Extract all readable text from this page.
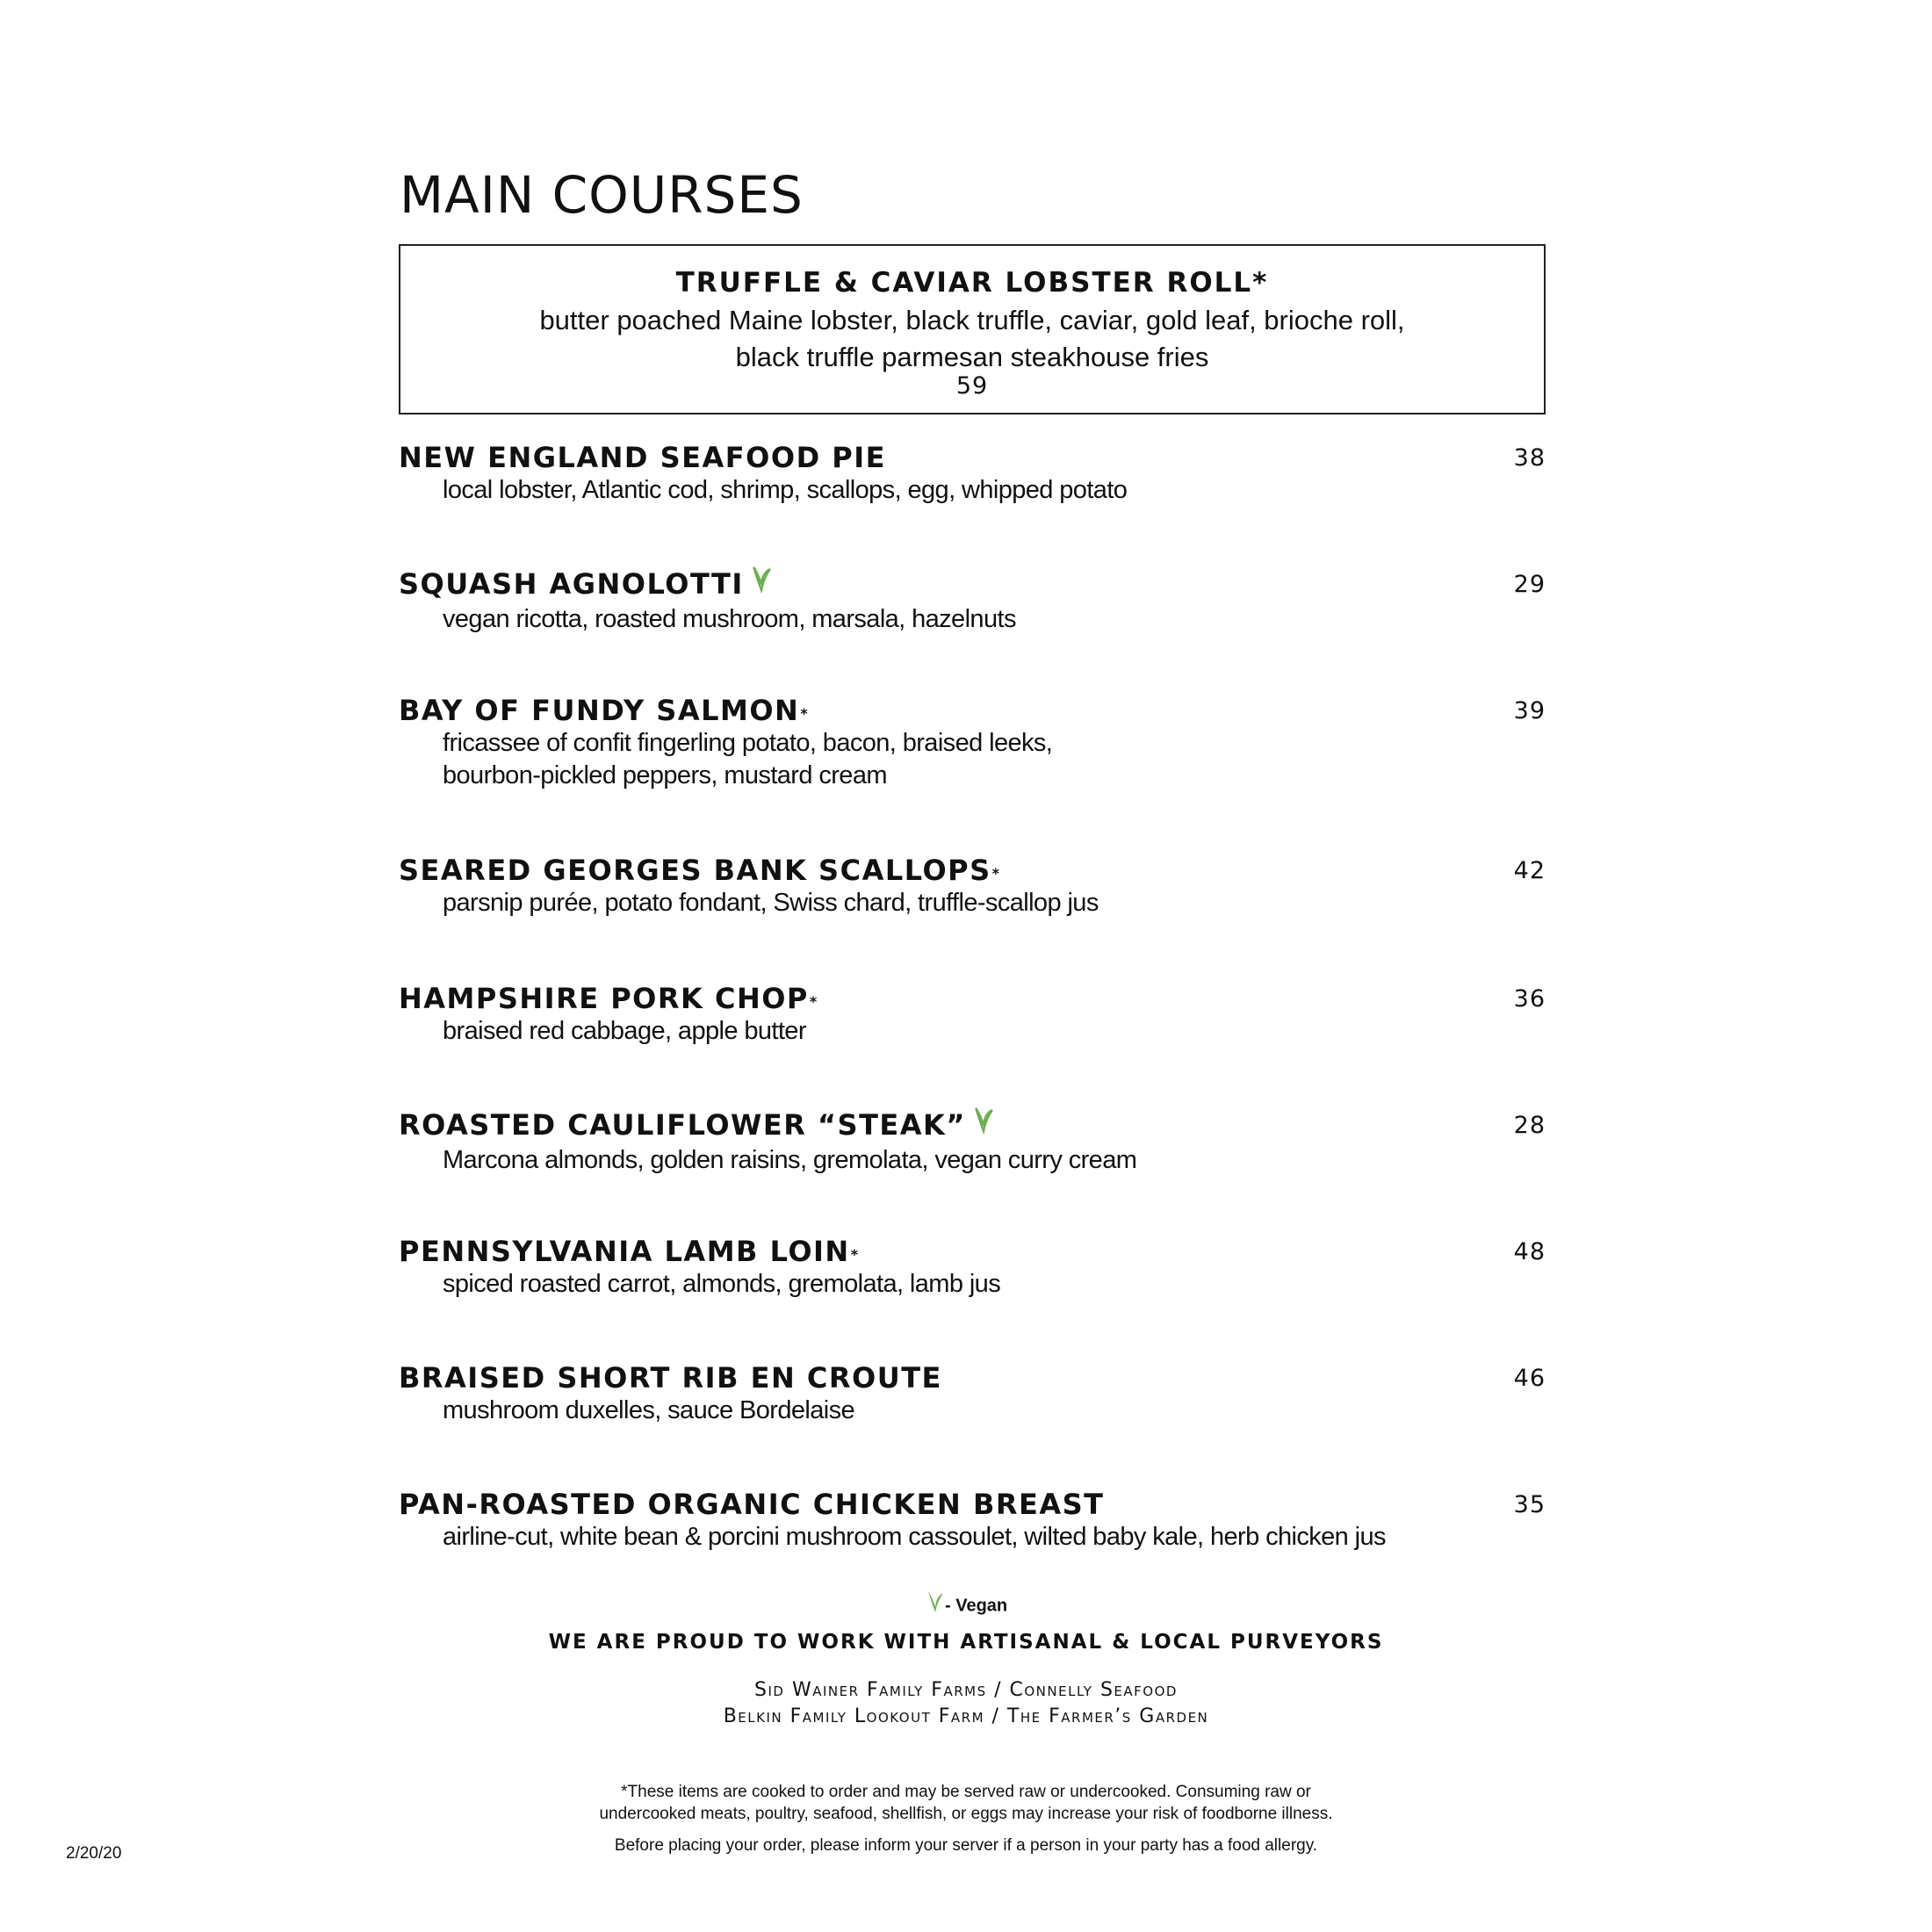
MAIN COURSES
TRUFFLE & CAVIAR LOBSTER ROLL*
butter poached Maine lobster, black truffle, caviar, gold leaf, brioche roll,
black truffle parmesan steakhouse fries
59
NEW ENGLAND SEAFOOD PIE	38
local lobster, Atlantic cod, shrimp, scallops, egg, whipped potato
SQUASH AGNOLOTTI	29
vegan ricotta, roasted mushroom, marsala, hazelnuts
BAY OF FUNDY SALMON*	39
fricassee of confit fingerling potato, bacon, braised leeks,
bourbon-pickled peppers, mustard cream
SEARED GEORGES BANK SCALLOPS*	42
parsnip purée, potato fondant, Swiss chard, truffle-scallop jus
HAMPSHIRE PORK CHOP*	36
braised red cabbage, apple butter
ROASTED CAULIFLOWER “STEAK”	28
Marcona almonds, golden raisins, gremolata, vegan curry cream
PENNSYLVANIA LAMB LOIN*	48
spiced roasted carrot, almonds, gremolata, lamb jus
BRAISED SHORT RIB EN CROUTE	46
mushroom duxelles, sauce Bordelaise
PAN-ROASTED ORGANIC CHICKEN BREAST	35
airline-cut, white bean & porcini mushroom cassoulet, wilted baby kale, herb chicken jus
- Vegan
WE ARE PROUD TO WORK WITH ARTISANAL & LOCAL PURVEYORS
Sid Wainer Family Farms / Connelly Seafood
Belkin Family Lookout Farm / The Farmer’s Garden
*These items are cooked to order and may be served raw or undercooked. Consuming raw or
undercooked meats, poultry, seafood, shellfish, or eggs may increase your risk of foodborne illness.
Before placing your order, please inform your server if a person in your party has a food allergy.
2/20/20
